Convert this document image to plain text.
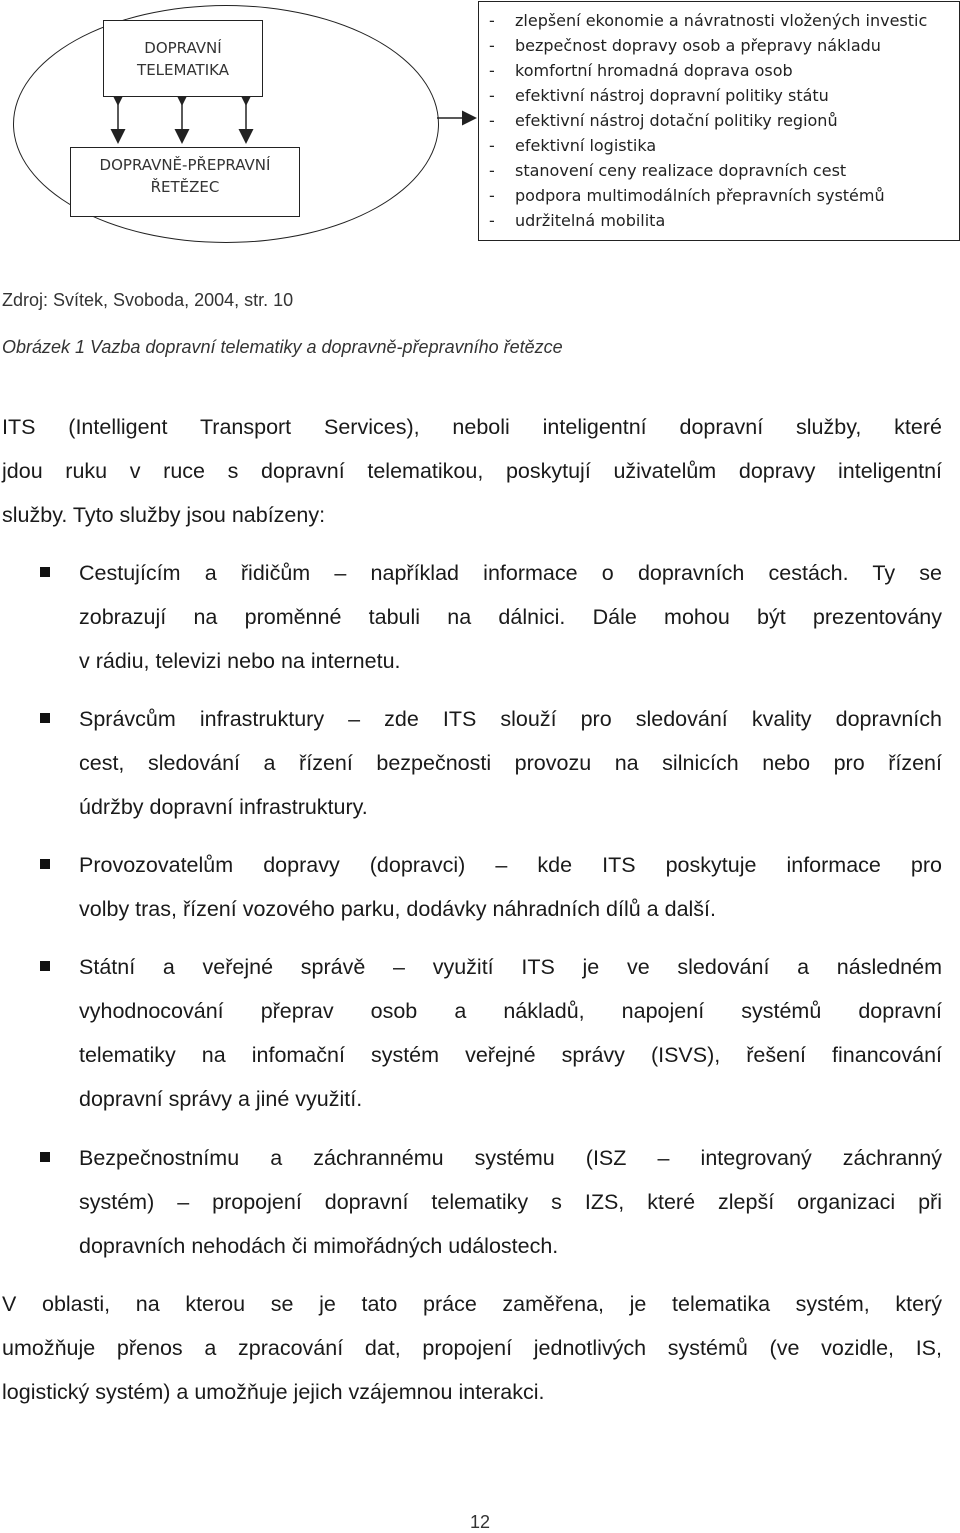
DOPRAVNÍ
TELEMATIKA
DOPRAVNĚ-PŘEPRAVNÍ
ŘETĚZEC
- zlepšení ekonomie a návratnosti vložených investic
- bezpečnost dopravy osob a přepravy nákladu
- komfortní hromadná doprava osob
- efektivní nástroj dopravní politiky státu
- efektivní nástroj dotační politiky regionů
- efektivní logistika
- stanovení ceny realizace dopravních cest
- podpora multimodálních přepravních systémů
- udržitelná mobilita
Zdroj: Svítek, Svoboda, 2004, str. 10
Obrázek 1 Vazba dopravní telematiky a dopravně-přepravního řetězce
ITS (Intelligent Transport Services), neboli inteligentní dopravní služby, které
jdou ruku v ruce s dopravní telematikou, poskytují uživatelům dopravy inteligentní
služby. Tyto služby jsou nabízeny:
Cestujícím a řidičům – například informace o dopravních cestách. Ty se
zobrazují na proměnné tabuli na dálnici. Dále mohou být prezentovány
v rádiu, televizi nebo na internetu.
Správcům infrastruktury – zde ITS slouží pro sledování kvality dopravních
cest, sledování a řízení bezpečnosti provozu na silnicích nebo pro řízení
údržby dopravní infrastruktury.
Provozovatelům dopravy (dopravci) – kde ITS poskytuje informace pro
volby tras, řízení vozového parku, dodávky náhradních dílů a další.
Státní a veřejné správě – využití ITS je ve sledování a následném
vyhodnocování přeprav osob a nákladů, napojení systémů dopravní
telematiky na infomační systém veřejné správy (ISVS), řešení financování
dopravní správy a jiné využití.
Bezpečnostnímu a záchrannému systému (ISZ – integrovaný záchranný
systém) – propojení dopravní telematiky s IZS, které zlepší organizaci při
dopravních nehodách či mimořádných událostech.
V oblasti, na kterou se je tato práce zaměřena, je telematika systém, který
umožňuje přenos a zpracování dat, propojení jednotlivých systémů (ve vozidle, IS,
logistický systém) a umožňuje jejich vzájemnou interakci.
12
